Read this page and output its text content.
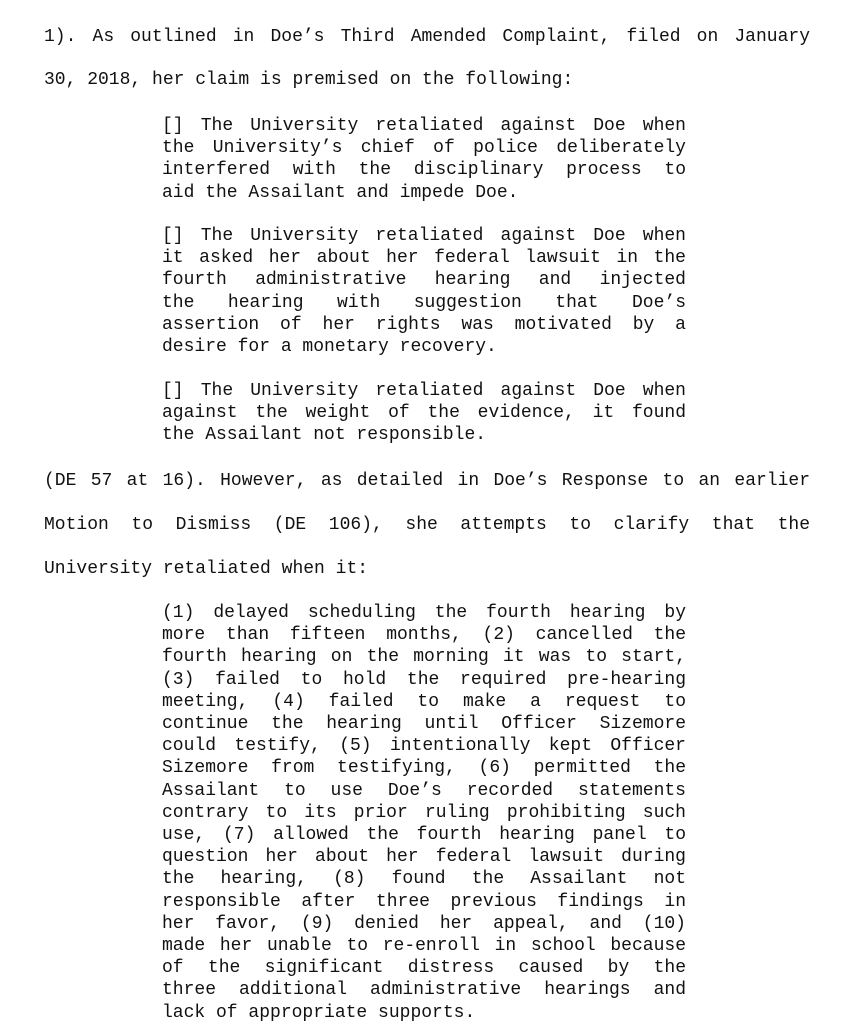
1). As outlined in Doe’s Third Amended Complaint, filed on January
30, 2018, her claim is premised on the following:
[] The University retaliated against Doe when
the University’s chief of police deliberately
interfered with the disciplinary process to
aid the Assailant and impede Doe.
[] The University retaliated against Doe when
it asked her about her federal lawsuit in the
fourth administrative hearing and injected
the hearing with suggestion that Doe’s
assertion of her rights was motivated by a
desire for a monetary recovery.
[] The University retaliated against Doe when
against the weight of the evidence, it found
the Assailant not responsible.
(DE 57 at 16). However, as detailed in Doe’s Response to an earlier
Motion to Dismiss (DE 106), she attempts to clarify that the
University retaliated when it:
(1) delayed scheduling the fourth hearing by
more than fifteen months, (2) cancelled the
fourth hearing on the morning it was to start,
(3) failed to hold the required pre-hearing
meeting, (4) failed to make a request to
continue the hearing until Officer Sizemore
could testify, (5) intentionally kept Officer
Sizemore from testifying, (6) permitted the
Assailant to use Doe’s recorded statements
contrary to its prior ruling prohibiting such
use, (7) allowed the fourth hearing panel to
question her about her federal lawsuit during
the hearing, (8) found the Assailant not
responsible after three previous findings in
her favor, (9) denied her appeal, and (10)
made her unable to re-enroll in school because
of the significant distress caused by the
three additional administrative hearings and
lack of appropriate supports.
